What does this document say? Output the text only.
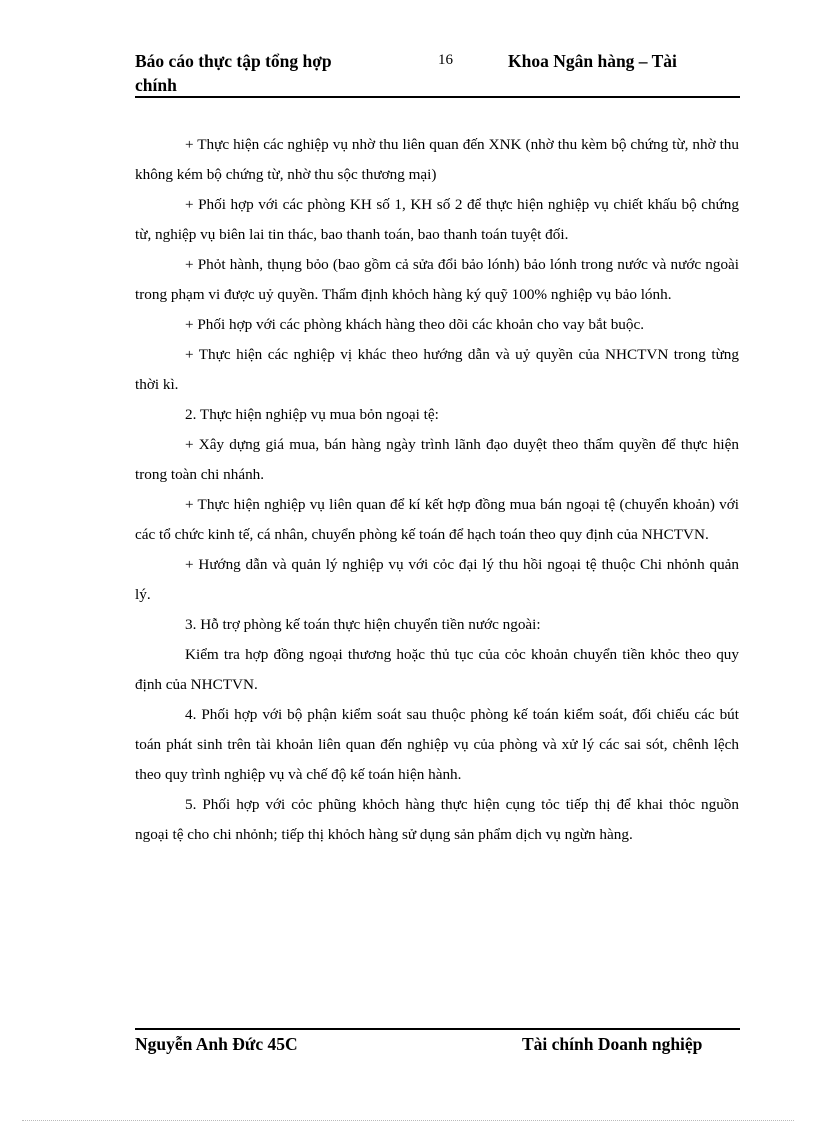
Báo cáo thực tập tổng hợp chính
16	Khoa Ngân hàng – Tài

+ Thực hiện các nghiệp vụ nhờ thu liên quan đến XNK (nhờ thu kèm bộ chứng từ, nhờ thu không kém bộ chứng từ, nhờ thu sộc thương mại)

+ Phối hợp với các phòng KH số 1, KH số 2 để thực hiện nghiệp vụ chiết khấu bộ chứng từ, nghiệp vụ biên lai tin thác, bao thanh toán, bao thanh toán tuyệt đối.

+ Phỏt hành, thụng bỏo (bao gồm cả sửa đổi bảo lónh) bảo lónh trong nước và nước ngoài trong phạm vi được uỷ quyền. Thẩm định khỏch hàng ký quỹ 100% nghiệp vụ bảo lónh.

+ Phối hợp với các phòng khách hàng theo dõi các khoản cho vay bắt buộc.

+ Thực hiện các nghiệp vị khác theo hướng dẫn và uỷ quyền của NHCTVN trong từng thời kì.

2. Thực hiện nghiệp vụ mua bỏn ngoại tệ:

+ Xây dựng giá mua, bán hàng ngày trình lãnh đạo duyệt theo thẩm quyền để thực hiện trong toàn chi nhánh.

+ Thực hiện nghiệp vụ liên quan để kí kết hợp đồng mua bán ngoại tệ (chuyển khoản) với các tổ chức kinh tế, cá nhân, chuyển phòng kế toán để hạch toán theo quy định của NHCTVN.

+ Hướng dẫn và quản lý nghiệp vụ với cỏc đại lý thu hồi ngoại tệ thuộc Chi nhỏnh quản lý.

3. Hỗ trợ phòng kế toán thực hiện chuyển tiền nước ngoài:

Kiểm tra hợp đồng ngoại thương hoặc thủ tục của cỏc khoản chuyển tiền khỏc theo quy định của NHCTVN.

4. Phối hợp với bộ phận kiểm soát sau thuộc phòng kế toán kiểm soát, đối chiếu các bút toán phát sinh trên tài khoản liên quan đến nghiệp vụ của phòng và xử lý các sai sót, chênh lệch theo quy trình nghiệp vụ và chế độ kế toán hiện hành.

5. Phối hợp với cỏc phũng khỏch hàng thực hiện cụng tỏc tiếp thị để khai thỏc nguồn ngoại tệ cho chi nhỏnh; tiếp thị khỏch hàng sử dụng sản phẩm dịch vụ ngừn hàng.

Nguyễn Anh Đức 45C	Tài chính Doanh nghiệp
